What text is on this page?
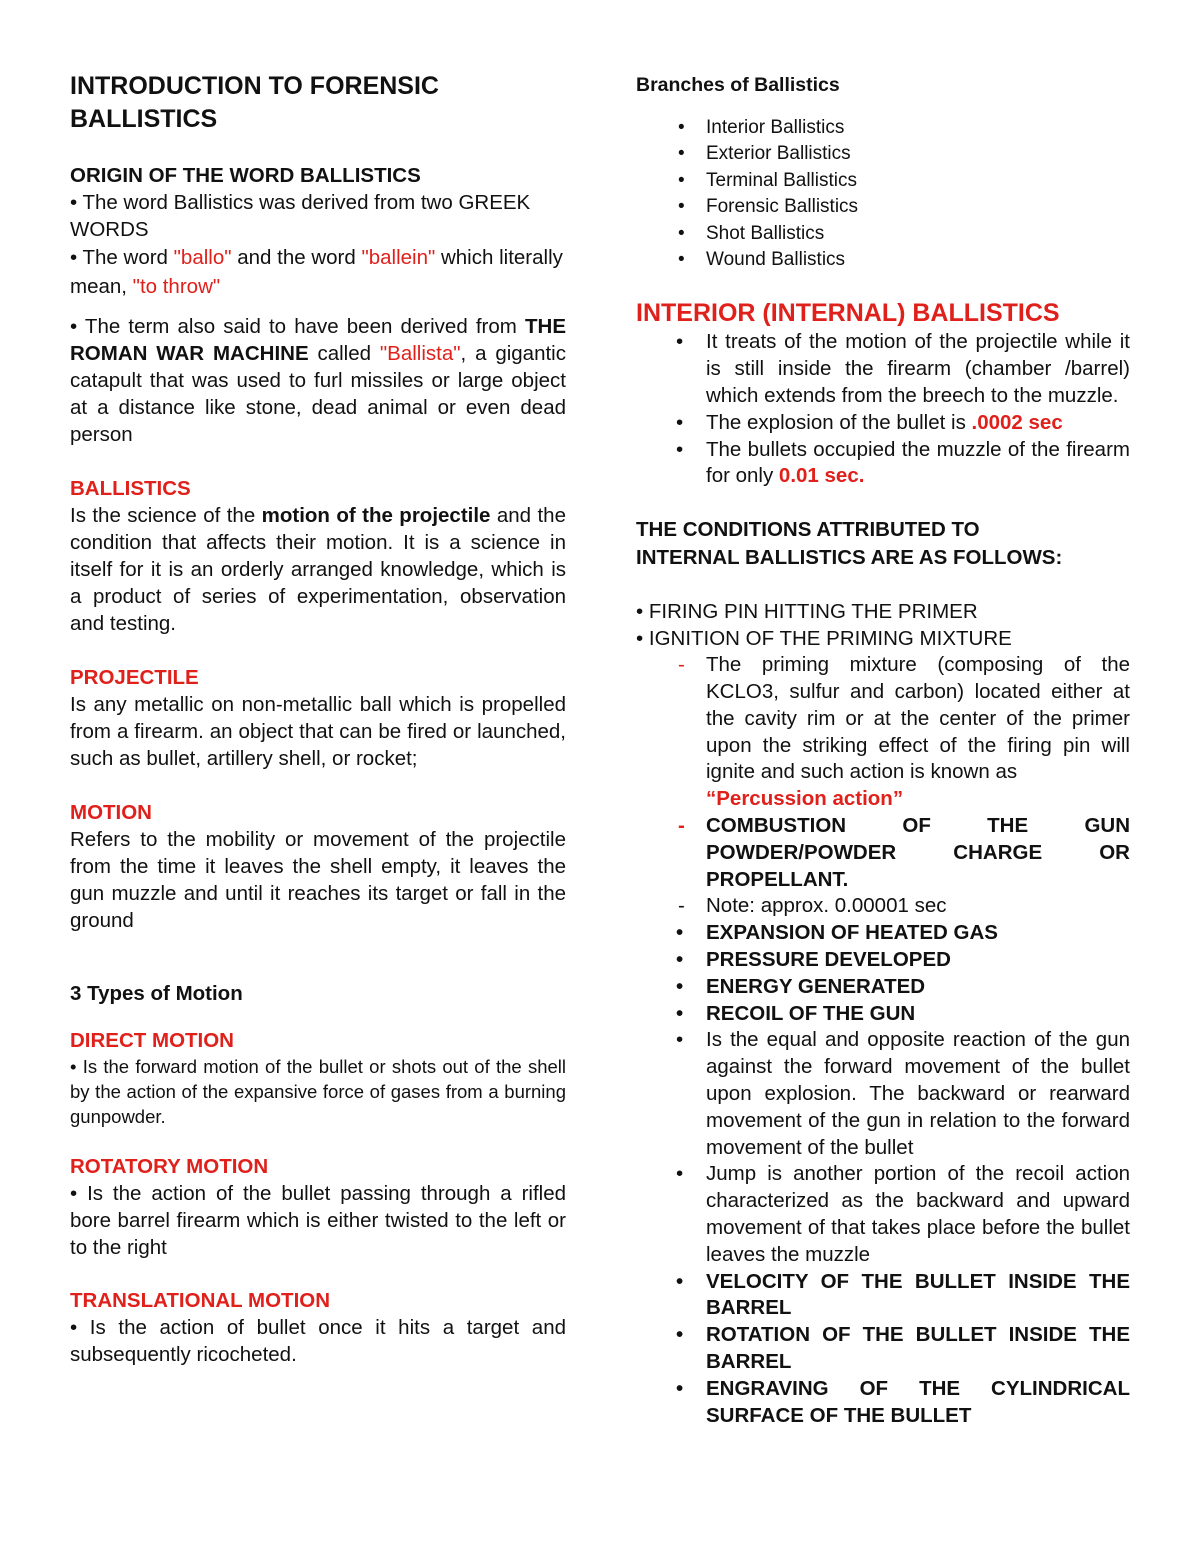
INTRODUCTION TO FORENSIC
BALLISTICS

ORIGIN OF THE WORD BALLISTICS

• The word Ballistics was derived from two GREEK WORDS

• The word "ballo" and the word "ballein" which literally mean, "to throw"

• The term also said to have been derived from THE ROMAN WAR MACHINE called "Ballista", a gigantic catapult that was used to furl missiles or large object at a distance like stone, dead animal or even dead person

BALLISTICS

Is the science of the motion of the projectile and the condition that affects their motion. It is a science in itself for it is an orderly arranged knowledge, which is a product of series of experimentation, observation and testing.

PROJECTILE

Is any metallic on non-metallic ball which is propelled from a firearm. an object that can be fired or launched, such as bullet, artillery shell, or rocket;

MOTION

Refers to the mobility or movement of the projectile from the time it leaves the shell empty, it leaves the gun muzzle and until it reaches its target or fall in the ground

3 Types of Motion

DIRECT MOTION

• Is the forward motion of the bullet or shots out of the shell by the action of the expansive force of gases from a burning gunpowder.

ROTATORY MOTION

• Is the action of the bullet passing through a rifled bore barrel firearm which is either twisted to the left or to the right

TRANSLATIONAL MOTION

• Is the action of bullet once it hits a target and subsequently ricocheted.

Branches of Ballistics

• Interior Ballistics
• Exterior Ballistics
• Terminal Ballistics
• Forensic Ballistics
• Shot Ballistics
• Wound Ballistics

INTERIOR (INTERNAL) BALLISTICS

• It treats of the motion of the projectile while it is still inside the firearm (chamber /barrel) which extends from the breech to the muzzle.
• The explosion of the bullet is .0002 sec
• The bullets occupied the muzzle of the firearm for only 0.01 sec.

THE CONDITIONS ATTRIBUTED TO
INTERNAL BALLISTICS ARE AS FOLLOWS:

• FIRING PIN HITTING THE PRIMER

• IGNITION OF THE PRIMING MIXTURE

- The priming mixture (composing of the KCLO3, sulfur and carbon) located either at the cavity rim or at the center of the primer upon the striking effect of the firing pin will ignite and such action is known as
“Percussion action”
- COMBUSTION OF THE GUN POWDER/POWDER CHARGE OR PROPELLANT.
- Note: approx. 0.00001 sec
• EXPANSION OF HEATED GAS
• PRESSURE DEVELOPED
• ENERGY GENERATED
• RECOIL OF THE GUN
• Is the equal and opposite reaction of the gun against the forward movement of the bullet upon explosion. The backward or rearward movement of the gun in relation to the forward movement of the bullet
• Jump is another portion of the recoil action characterized as the backward and upward movement of that takes place before the bullet leaves the muzzle
• VELOCITY OF THE BULLET INSIDE THE BARREL
• ROTATION OF THE BULLET INSIDE THE BARREL
• ENGRAVING OF THE CYLINDRICAL SURFACE OF THE BULLET
